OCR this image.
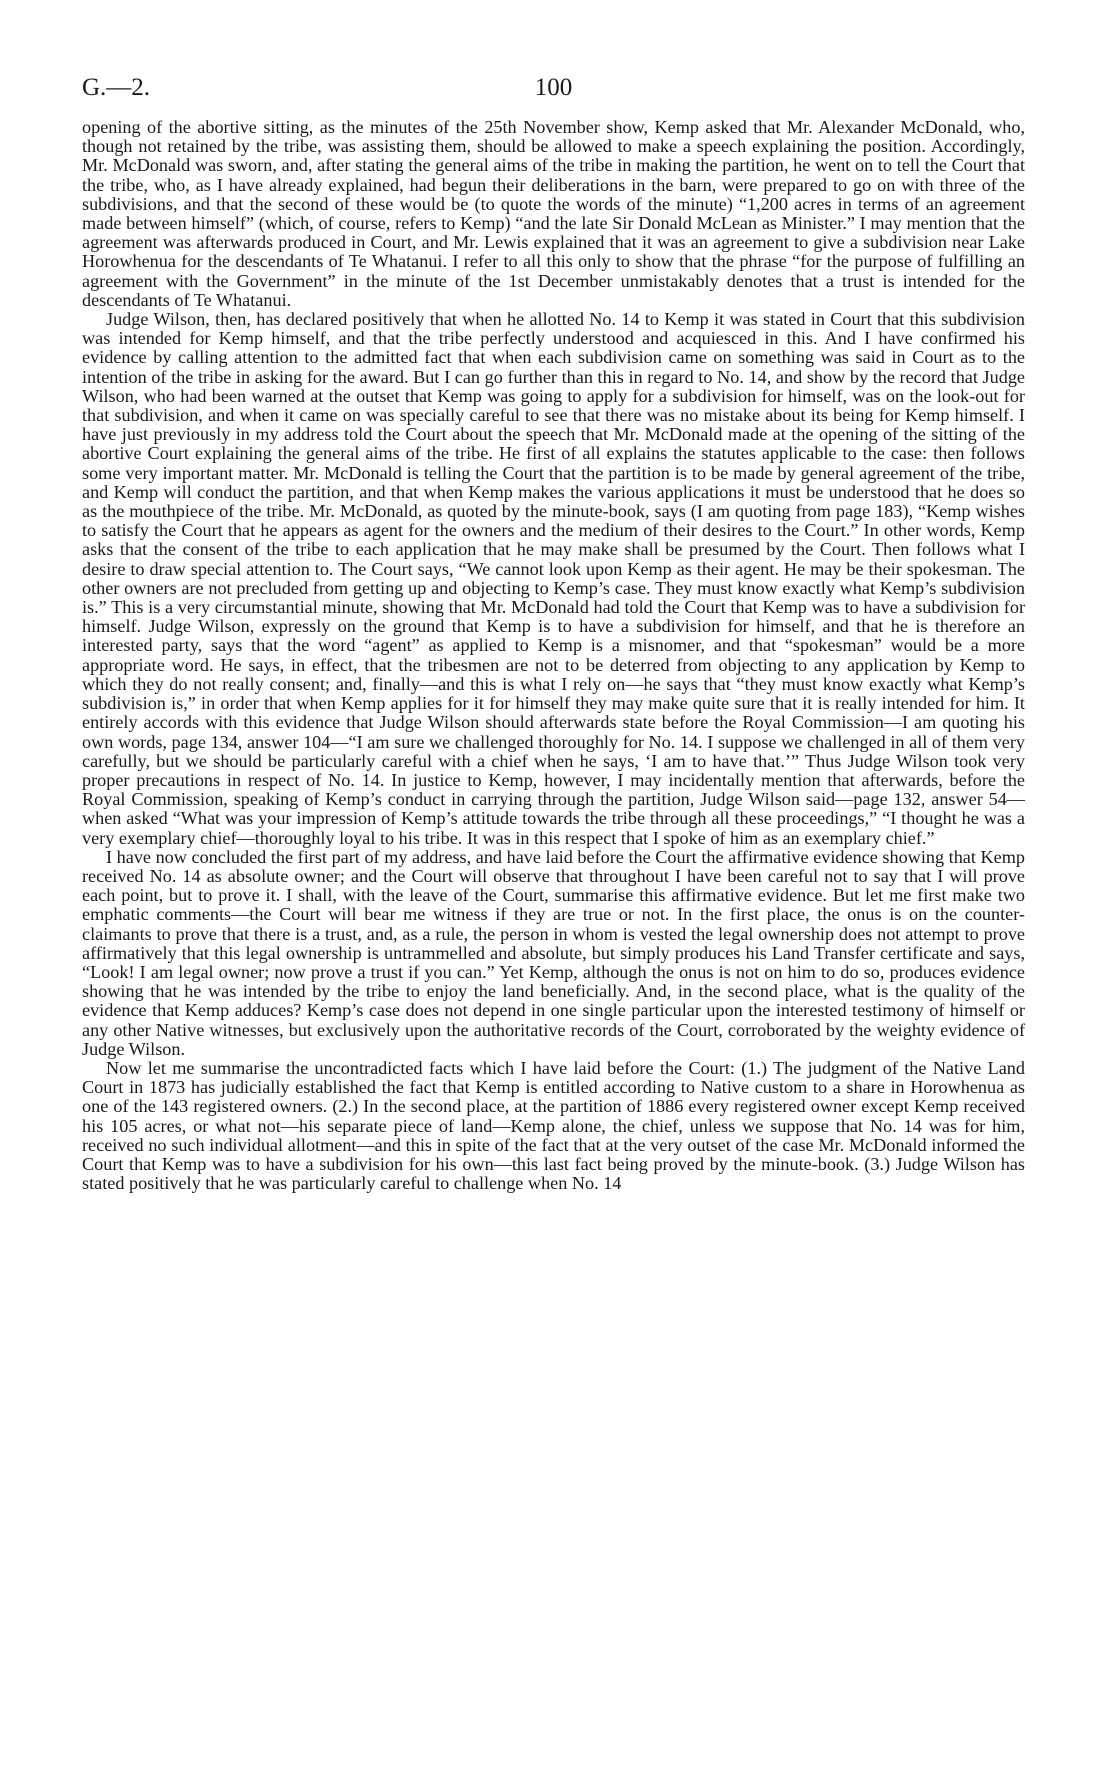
G.—2.	100

opening of the abortive sitting, as the minutes of the 25th November show, Kemp asked that Mr. Alexander McDonald, who, though not retained by the tribe, was assisting them, should be allowed to make a speech explaining the position. Accordingly, Mr. McDonald was sworn, and, after stating the general aims of the tribe in making the partition, he went on to tell the Court that the tribe, who, as I have already explained, had begun their deliberations in the barn, were prepared to go on with three of the subdivisions, and that the second of these would be (to quote the words of the minute) “1,200 acres in terms of an agreement made between himself” (which, of course, refers to Kemp) “and the late Sir Donald McLean as Minister.” I may mention that the agreement was afterwards produced in Court, and Mr. Lewis explained that it was an agreement to give a subdivision near Lake Horowhenua for the descendants of Te Whatanui. I refer to all this only to show that the phrase “for the purpose of fulfilling an agreement with the Government” in the minute of the 1st December unmistakably denotes that a trust is intended for the descendants of Te Whatanui.

Judge Wilson, then, has declared positively that when he allotted No. 14 to Kemp it was stated in Court that this subdivision was intended for Kemp himself, and that the tribe perfectly understood and acquiesced in this. And I have confirmed his evidence by calling attention to the admitted fact that when each subdivision came on something was said in Court as to the intention of the tribe in asking for the award. But I can go further than this in regard to No. 14, and show by the record that Judge Wilson, who had been warned at the outset that Kemp was going to apply for a subdivision for himself, was on the look-out for that subdivision, and when it came on was specially careful to see that there was no mistake about its being for Kemp himself. I have just previously in my address told the Court about the speech that Mr. McDonald made at the opening of the sitting of the abortive Court explaining the general aims of the tribe. He first of all explains the statutes applicable to the case: then follows some very important matter. Mr. McDonald is telling the Court that the partition is to be made by general agreement of the tribe, and Kemp will conduct the partition, and that when Kemp makes the various applications it must be understood that he does so as the mouthpiece of the tribe. Mr. McDonald, as quoted by the minute-book, says (I am quoting from page 183), “Kemp wishes to satisfy the Court that he appears as agent for the owners and the medium of their desires to the Court.” In other words, Kemp asks that the consent of the tribe to each application that he may make shall be presumed by the Court. Then follows what I desire to draw special attention to. The Court says, “We cannot look upon Kemp as their agent. He may be their spokesman. The other owners are not precluded from getting up and objecting to Kemp’s case. They must know exactly what Kemp’s subdivision is.” This is a very circumstantial minute, showing that Mr. McDonald had told the Court that Kemp was to have a subdivision for himself. Judge Wilson, expressly on the ground that Kemp is to have a subdivision for himself, and that he is therefore an interested party, says that the word “agent” as applied to Kemp is a misnomer, and that “spokesman” would be a more appropriate word. He says, in effect, that the tribesmen are not to be deterred from objecting to any application by Kemp to which they do not really consent; and, finally—and this is what I rely on—he says that “they must know exactly what Kemp’s subdivision is,” in order that when Kemp applies for it for himself they may make quite sure that it is really intended for him. It entirely accords with this evidence that Judge Wilson should afterwards state before the Royal Commission—I am quoting his own words, page 134, answer 104—“I am sure we challenged thoroughly for No. 14. I suppose we challenged in all of them very carefully, but we should be particularly careful with a chief when he says, ‘I am to have that.’” Thus Judge Wilson took very proper precautions in respect of No. 14. In justice to Kemp, however, I may incidentally mention that afterwards, before the Royal Commission, speaking of Kemp’s conduct in carrying through the partition, Judge Wilson said—page 132, answer 54—when asked “What was your impression of Kemp’s attitude towards the tribe through all these proceedings,” “I thought he was a very exemplary chief—thoroughly loyal to his tribe. It was in this respect that I spoke of him as an exemplary chief.”

I have now concluded the first part of my address, and have laid before the Court the affirmative evidence showing that Kemp received No. 14 as absolute owner; and the Court will observe that throughout I have been careful not to say that I will prove each point, but to prove it. I shall, with the leave of the Court, summarise this affirmative evidence. But let me first make two emphatic comments—the Court will bear me witness if they are true or not. In the first place, the onus is on the counter-claimants to prove that there is a trust, and, as a rule, the person in whom is vested the legal ownership does not attempt to prove affirmatively that this legal ownership is untrammelled and absolute, but simply produces his Land Transfer certificate and says, “Look! I am legal owner; now prove a trust if you can.” Yet Kemp, although the onus is not on him to do so, produces evidence showing that he was intended by the tribe to enjoy the land beneficially. And, in the second place, what is the quality of the evidence that Kemp adduces? Kemp’s case does not depend in one single particular upon the interested testimony of himself or any other Native witnesses, but exclusively upon the authoritative records of the Court, corroborated by the weighty evidence of Judge Wilson.

Now let me summarise the uncontradicted facts which I have laid before the Court: (1.) The judgment of the Native Land Court in 1873 has judicially established the fact that Kemp is entitled according to Native custom to a share in Horowhenua as one of the 143 registered owners. (2.) In the second place, at the partition of 1886 every registered owner except Kemp received his 105 acres, or what not—his separate piece of land—Kemp alone, the chief, unless we suppose that No. 14 was for him, received no such individual allotment—and this in spite of the fact that at the very outset of the case Mr. McDonald informed the Court that Kemp was to have a subdivision for his own—this last fact being proved by the minute-book. (3.) Judge Wilson has stated positively that he was particularly careful to challenge when No. 14
